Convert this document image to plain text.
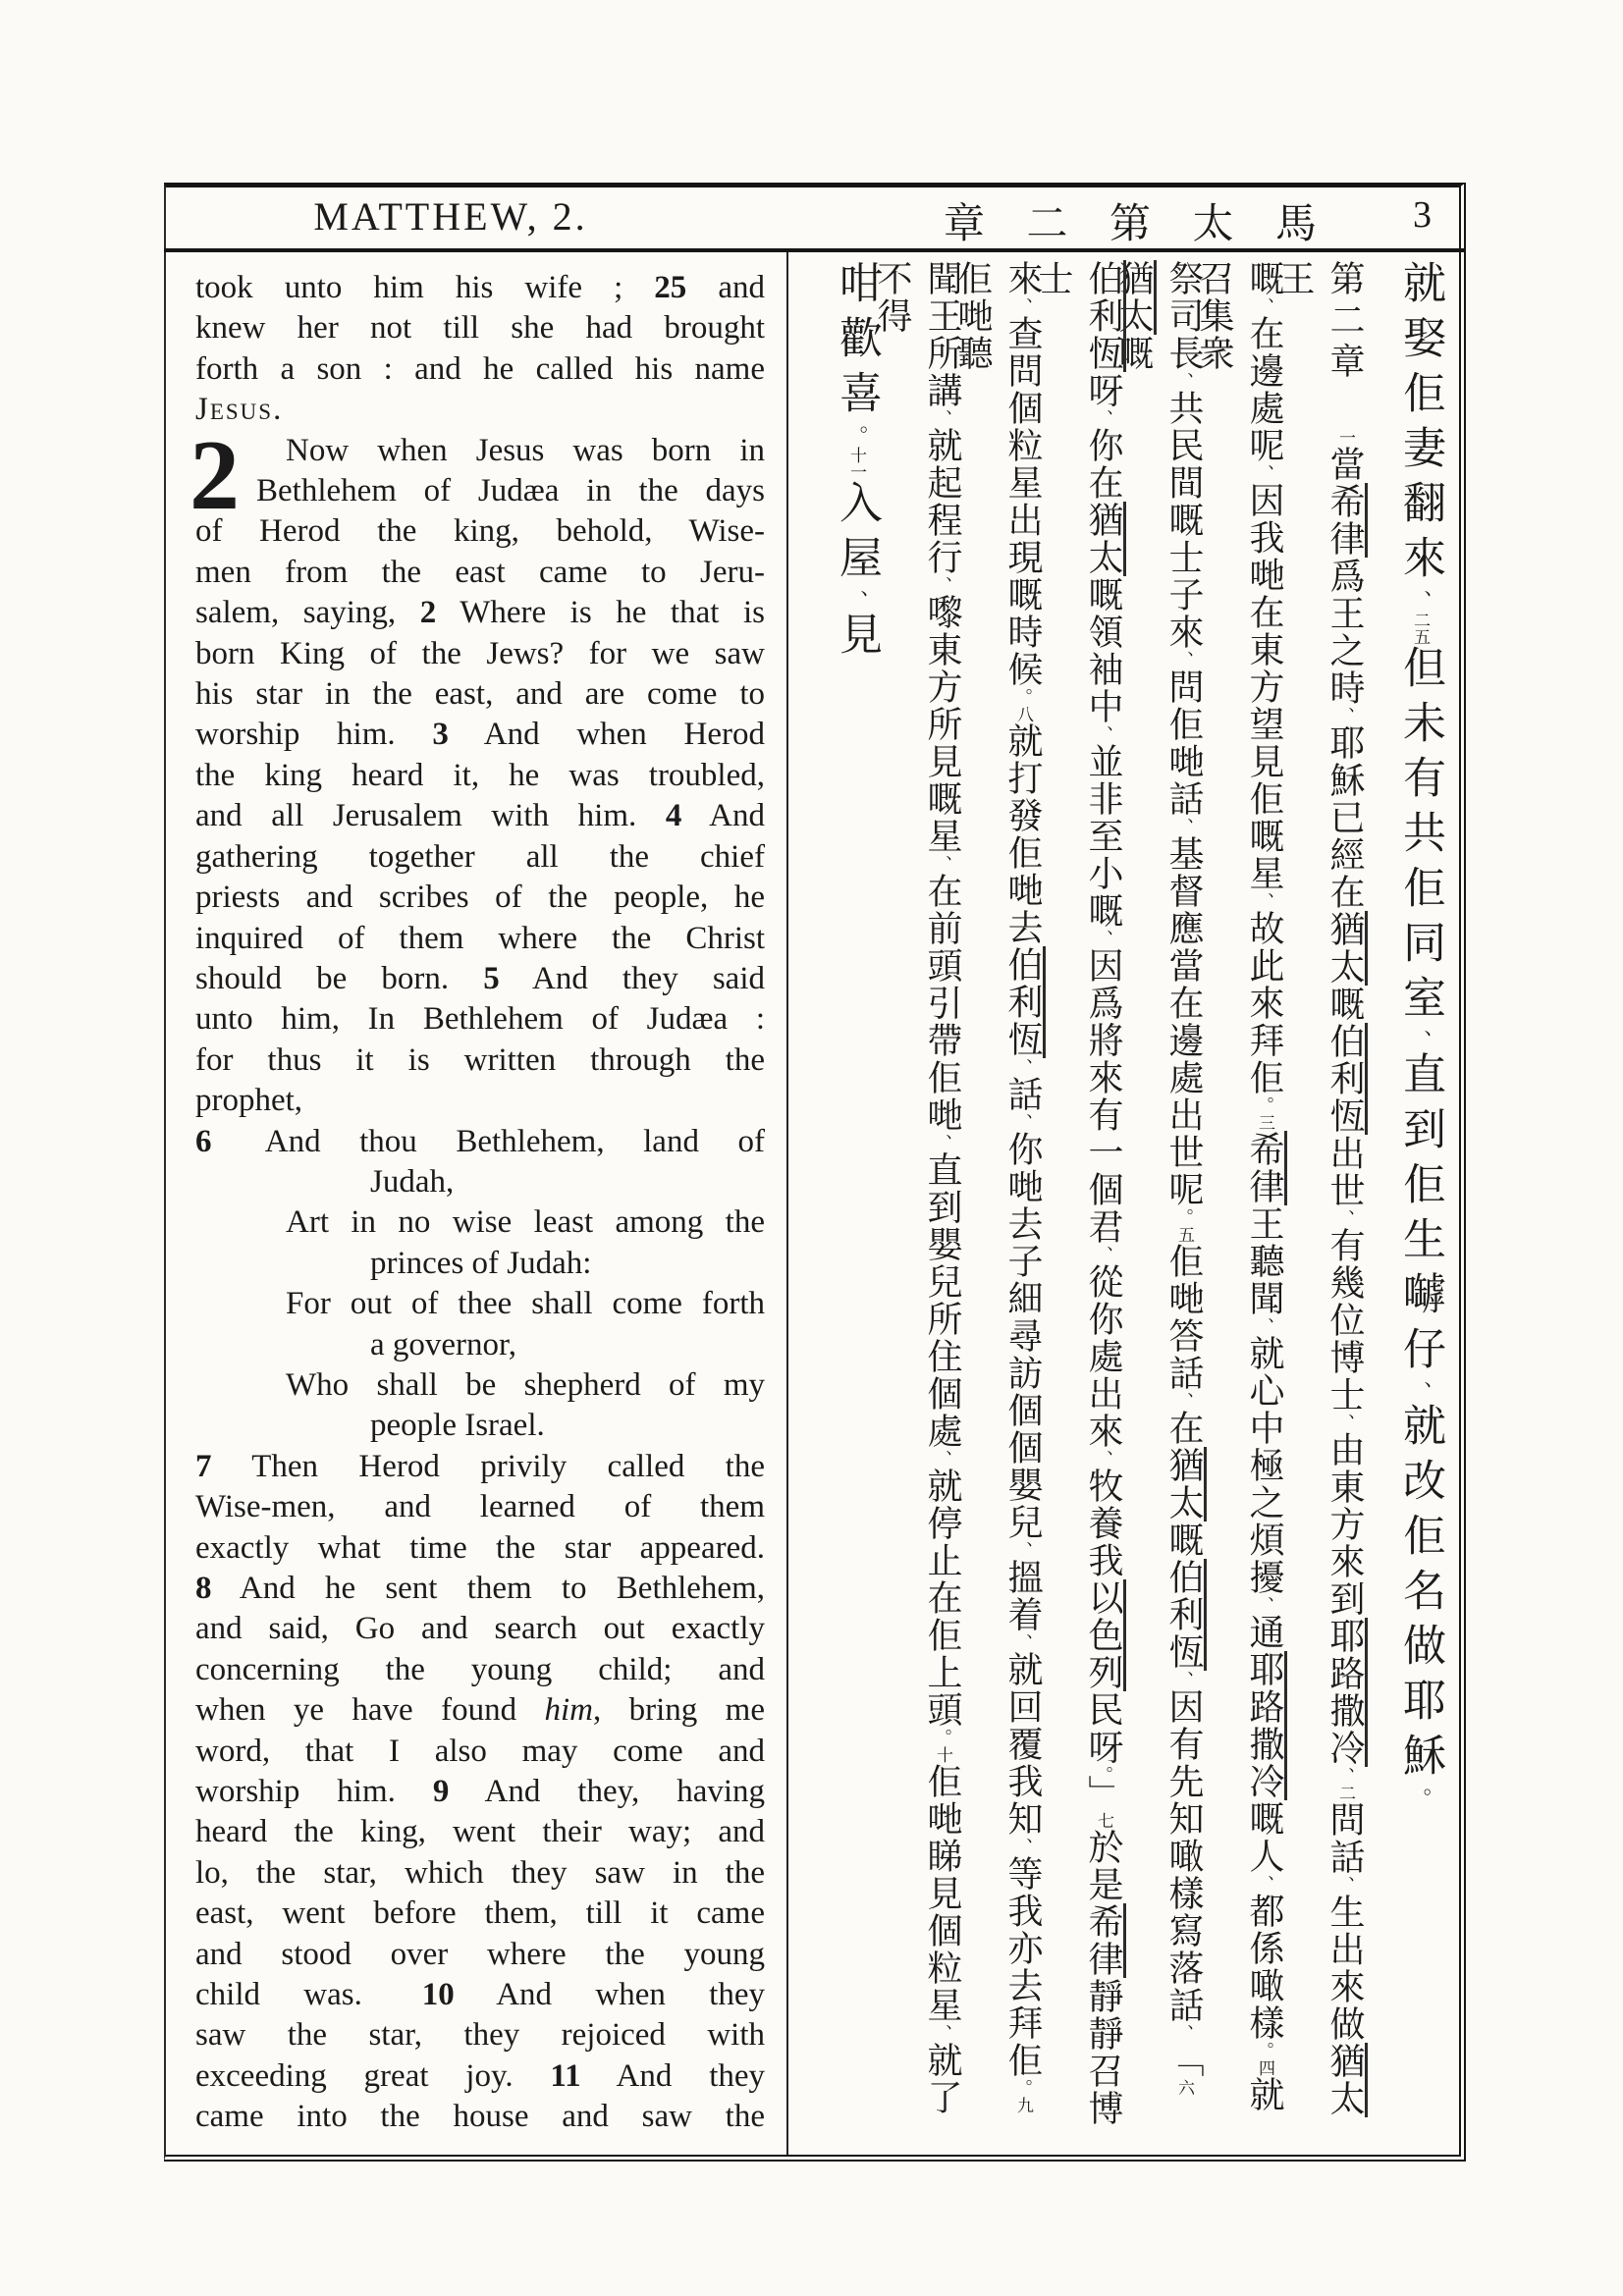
MATTHEW, 2.	章 二 第 太 馬	3
took unto him his wife ; 25 and
knew her not till she had brought
forth a son : and he called his name
Jesus.
Now when Jesus was born in
2 Bethlehem of Judæa in the days
of Herod the king, behold, Wise-
men from the east came to Jeru-
salem, saying, 2 Where is he that is
born King of the Jews? for we saw
his star in the east, and are come to
worship him. 3 And when Herod
the king heard it, he was troubled,
and all Jerusalem with him. 4 And
gathering together all the chief
priests and scribes of the people, he
inquired of them where the Christ
should be born. 5 And they said
unto him, In Bethlehem of Judæa :
for thus it is written through the
prophet,
6  And thou Bethlehem, land of
Judah,
Art in no wise least among the
princes of Judah:
For out of thee shall come forth
a governor,
Who shall be shepherd of my
people Israel.
7 Then Herod privily called the
Wise-men, and learned of them
exactly what time the star appeared.
8 And he sent them to Bethlehem,
and said, Go and search out exactly
concerning the young child; and
when ye have found him, bring me
word, that I also may come and
worship him. 9 And they, having
heard the king, went their way; and
lo, the star, which they saw in the
east, went before them, till it came
and stood over where the young
child was.  10 And when they
saw the star, they rejoiced with
exceeding great joy. 11 And they
came into the house and saw the
就娶佢妻翻來、二五但未有共佢同室、直到佢生嚹仔、就改佢名做耶穌。
第二章一當希律爲王之時、耶穌已經在猶太嘅伯利恆出世、有幾位博士、由東方來到耶路撒冷、二問話、生出來做猶太王
嘅、在邊處呢、因我哋在東方望見佢嘅星、故此來拜佢。三希律王聽聞、就心中極之煩擾、通耶路撒冷嘅人、都係噉樣。四就召集衆
祭司長、共民間嘅士子來、問佢哋話、基督應當在邊處出世呢。五佢哋答話、在猶太嘅伯利恆、因有先知噉樣寫落話、﹁六猶太嘅
伯利恆呀、你在猶太嘅領袖中、並非至小嘅、因爲將來有一個君、從你處出來、牧養我以色列民呀。﹂七於是希律靜靜召博士
來、查問個粒星出現嘅時候。八就打發佢哋去伯利恆、話、你哋去子細尋訪個個嬰兒、搵着、就回覆我知、等我亦去拜佢。九佢哋聽
聞王所講、就起程行、嚟東方所見嘅星、在前頭引帶佢哋、直到嬰兒所住個處、就停止在佢上頭。十佢哋睇見個粒星、就了不得
咁歡喜。十一入屋、見
